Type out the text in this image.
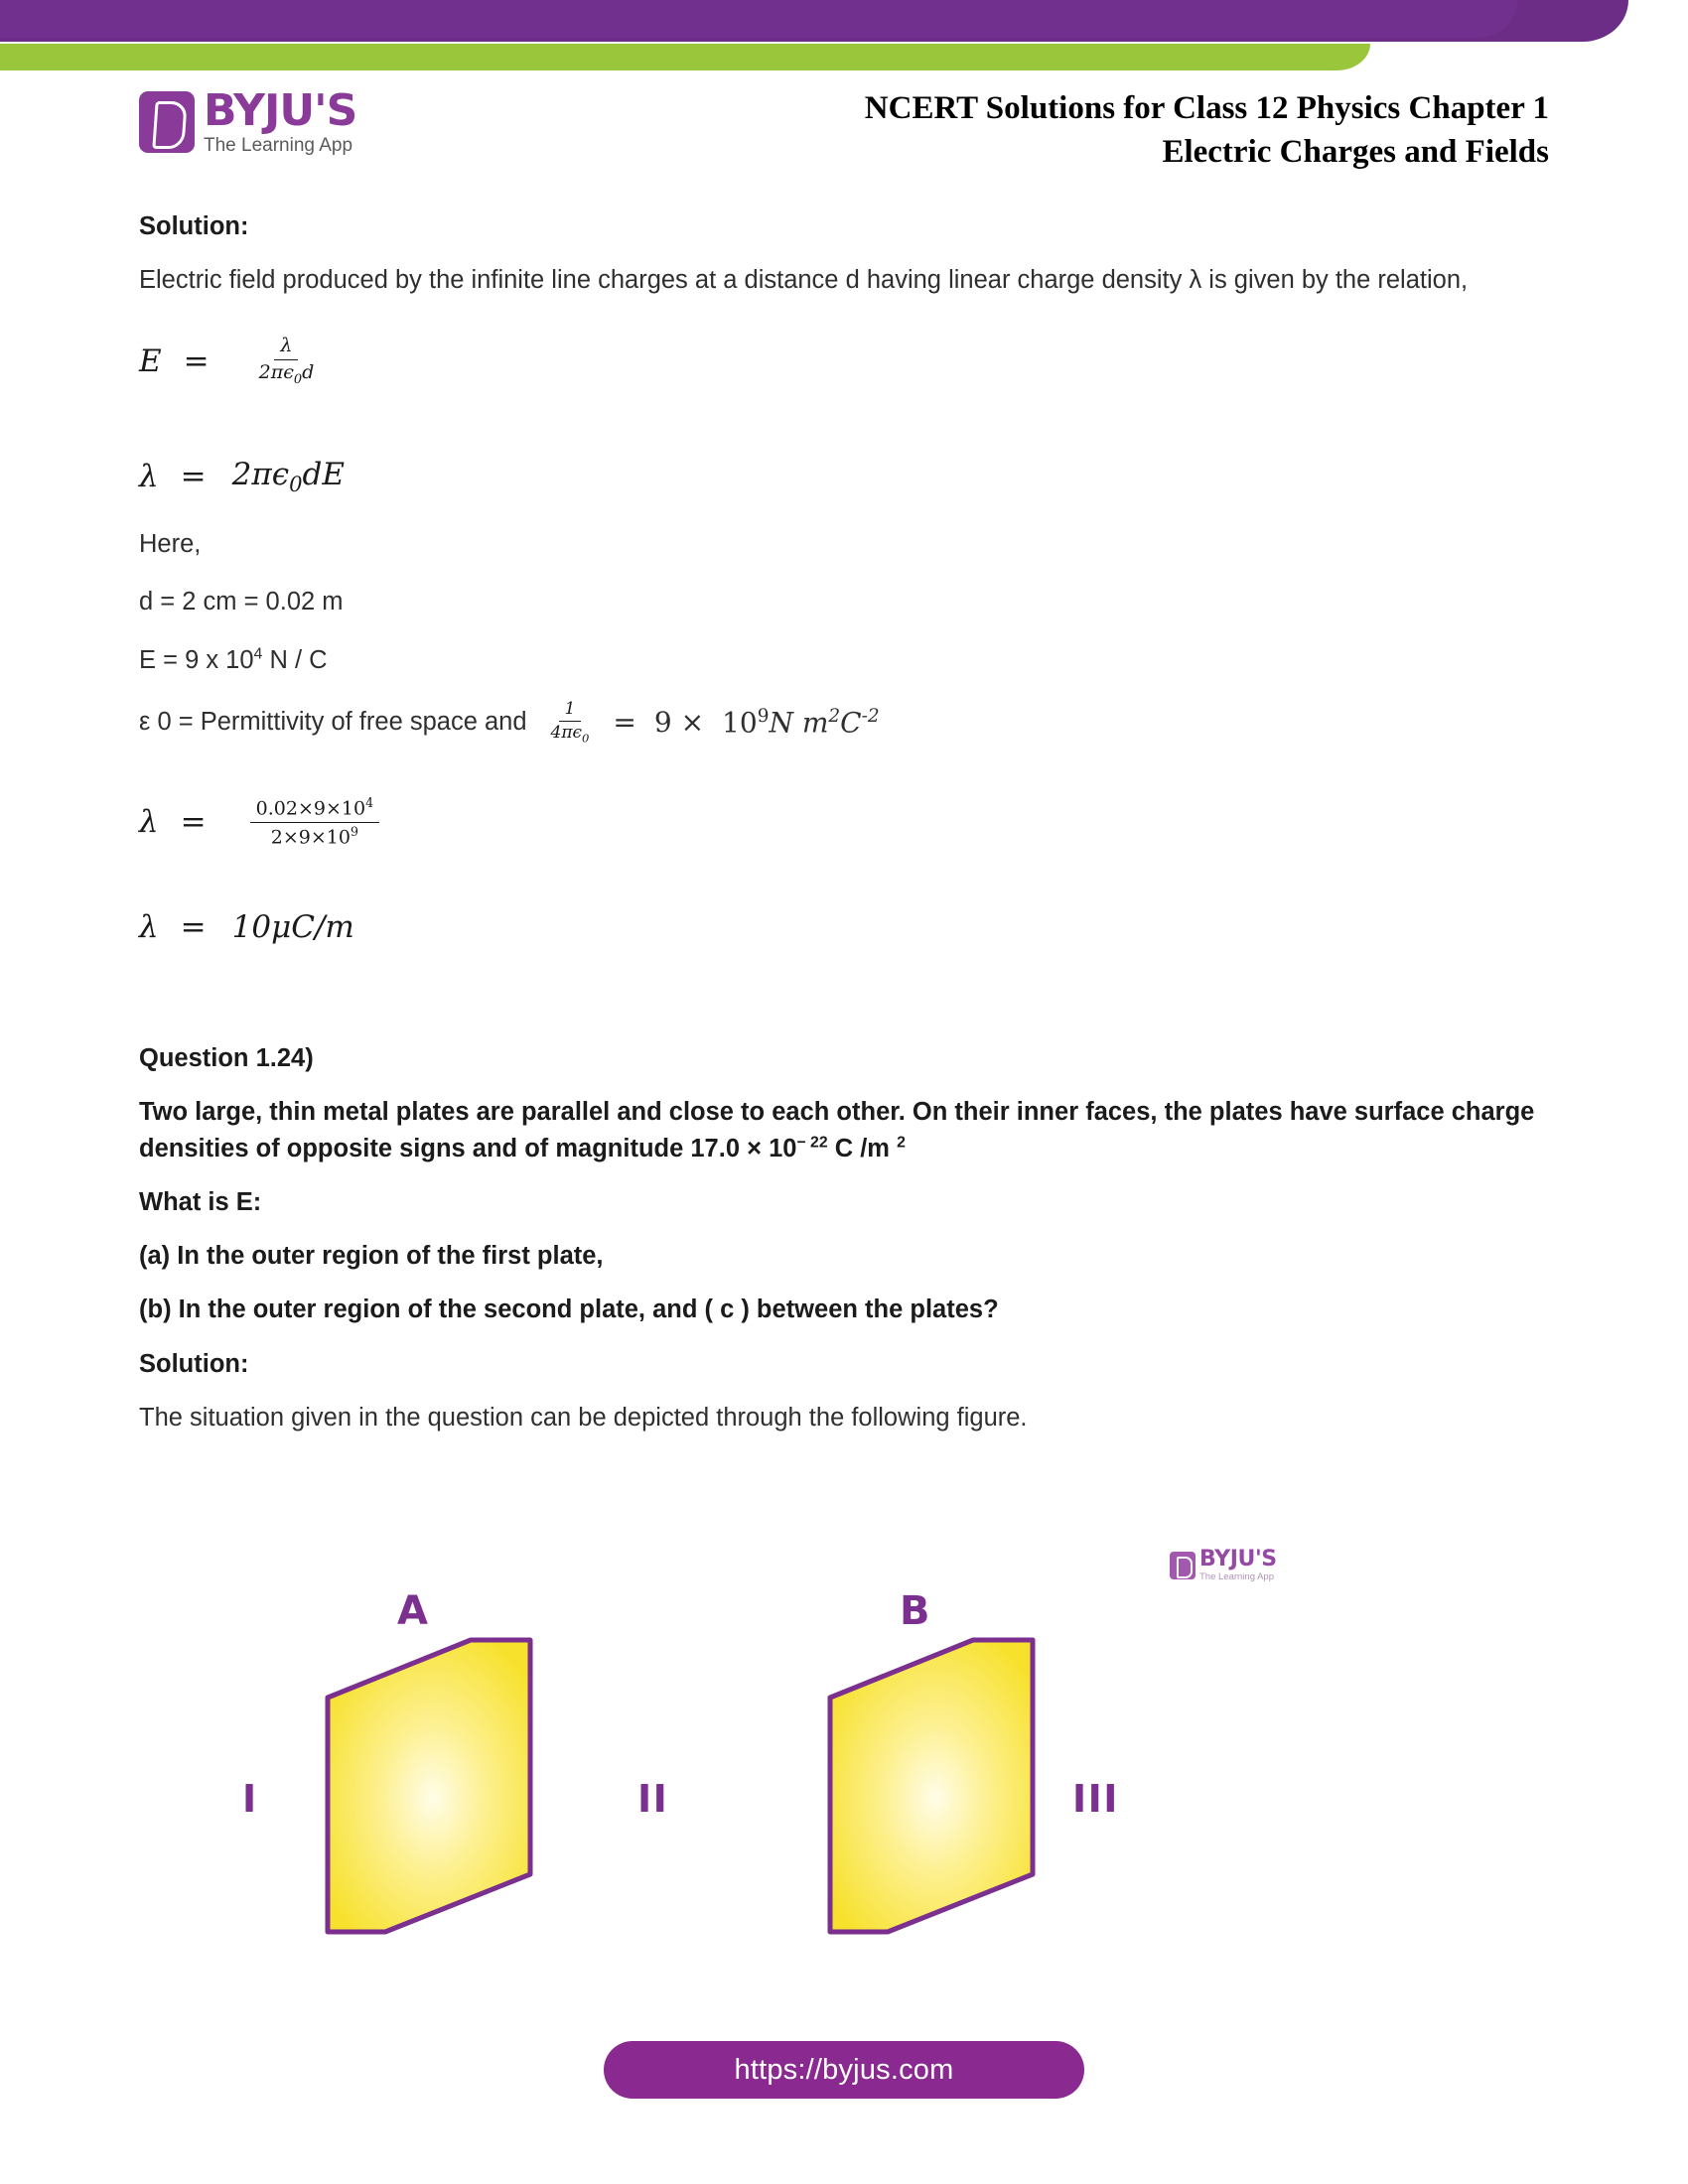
BYJU'S
The Learning App
NCERT Solutions for Class 12 Physics Chapter 1
Electric Charges and Fields

Solution:

Electric field produced by the infinite line charges at a distance d having linear charge density λ is given by the relation,

$E = \frac{\lambda}{2\pi\epsilon_0d}$
$\lambda = 2\pi\epsilon_0dE$

Here,

d = 2 cm = 0.02 m

E = 9 x $10^4$ N / C

ε 0 = Permittivity of free space and $\frac{1}{4\pi\epsilon_0} = 9 \times 10^9$ N $m^2C^{-2}$
$\lambda = \frac{0.02\times 9\times 10^4}{2\times 9\times 10^9}$
λ = 10μC/m

Question 1.24)

Two large, thin metal plates are parallel and close to each other. On their inner faces, the plates have surface charge densities of opposite signs and of magnitude $17.0 \times 10^{- 22}$ C /m $^2$

What is E:

(a) In the outer region of the first plate,

(b) In the outer region of the second plate, and ( c ) between the plates?

Solution:

The situation given in the question can be depicted through the following figure.

BYJU'S
The Learning App
I
A
II
B
III
https://byjus.com
